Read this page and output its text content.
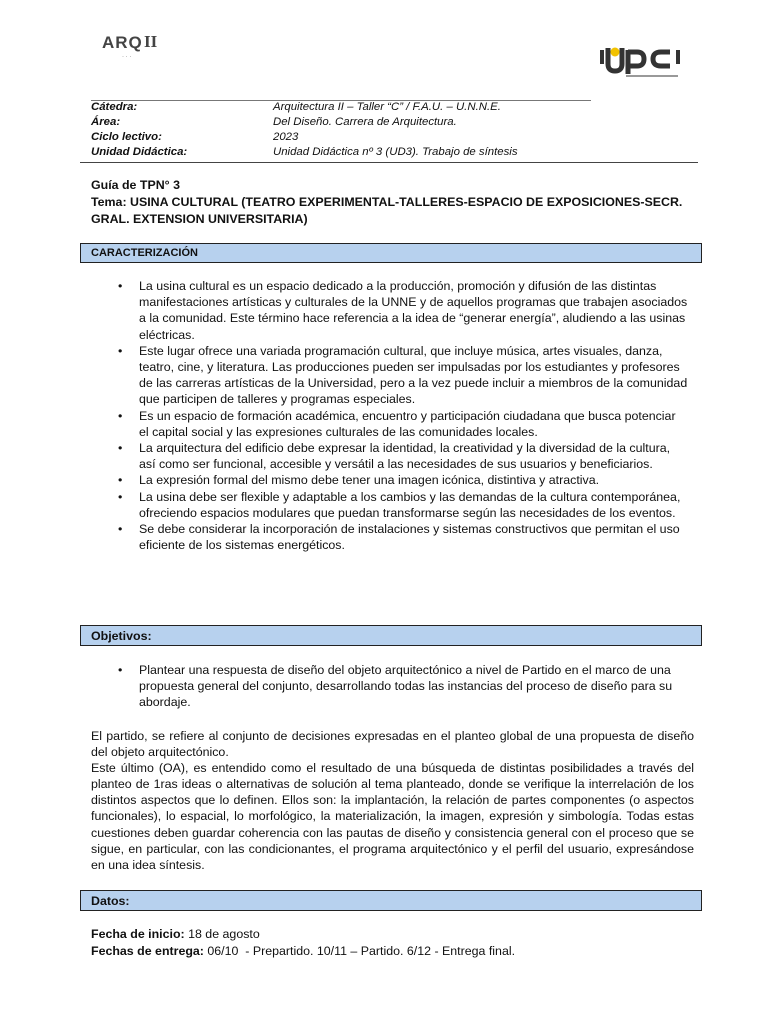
ARQ II
· · ·
Cátedra:	Arquitectura II – Taller “C” / F.A.U. – U.N.N.E.
Área:	Del Diseño. Carrera de Arquitectura.
Ciclo lectivo:	2023
Unidad Didáctica:	Unidad Didáctica nº 3 (UD3). Trabajo de síntesis
Guía de TPN° 3
Tema: USINA CULTURAL (TEATRO EXPERIMENTAL-TALLERES-ESPACIO DE EXPOSICIONES-SECR. GRAL. EXTENSION UNIVERSITARIA)
CARACTERIZACIÓN
•	La usina cultural es un espacio dedicado a la producción, promoción y difusión de las distintas manifestaciones artísticas y culturales de la UNNE y de aquellos programas que trabajen asociados a la comunidad. Este término hace referencia a la idea de “generar energía”, aludiendo a las usinas eléctricas.
•	Este lugar ofrece una variada programación cultural, que incluye música, artes visuales, danza, teatro, cine, y literatura. Las producciones pueden ser impulsadas por los estudiantes y profesores de las carreras artísticas de la Universidad, pero a la vez puede incluir a miembros de la comunidad que participen de talleres y programas especiales.
•	Es un espacio de formación académica, encuentro y participación ciudadana que busca potenciar el capital social y las expresiones culturales de las comunidades locales.
•	La arquitectura del edificio debe expresar la identidad, la creatividad y la diversidad de la cultura, así como ser funcional, accesible y versátil a las necesidades de sus usuarios y beneficiarios.
•	La expresión formal del mismo debe tener una imagen icónica, distintiva y atractiva.
•	La usina debe ser flexible y adaptable a los cambios y las demandas de la cultura contemporánea, ofreciendo espacios modulares que puedan transformarse según las necesidades de los eventos.
•	Se debe considerar la incorporación de instalaciones y sistemas constructivos que permitan el uso eficiente de los sistemas energéticos.
Objetivos:
•	Plantear una respuesta de diseño del objeto arquitectónico a nivel de Partido en el marco de una propuesta general del conjunto, desarrollando todas las instancias del proceso de diseño para su abordaje.

El partido, se refiere al conjunto de decisiones expresadas en el planteo global de una propuesta de diseño del objeto arquitectónico.

Este último (OA), es entendido como el resultado de una búsqueda de distintas posibilidades a través del planteo de 1ras ideas o alternativas de solución al tema planteado, donde se verifique la interrelación de los distintos aspectos que lo definen. Ellos son: la implantación, la relación de partes componentes (o aspectos funcionales), lo espacial, lo morfológico, la materialización, la imagen, expresión y simbología. Todas estas cuestiones deben guardar coherencia con las pautas de diseño y consistencia general con el proceso que se sigue, en particular, con las condicionantes, el programa arquitectónico y el perfil del usuario, expresándose en una idea síntesis.

Datos:
Fecha de inicio: 18 de agosto
Fechas de entrega: 06/10  - Prepartido. 10/11 – Partido. 6/12 - Entrega final.
